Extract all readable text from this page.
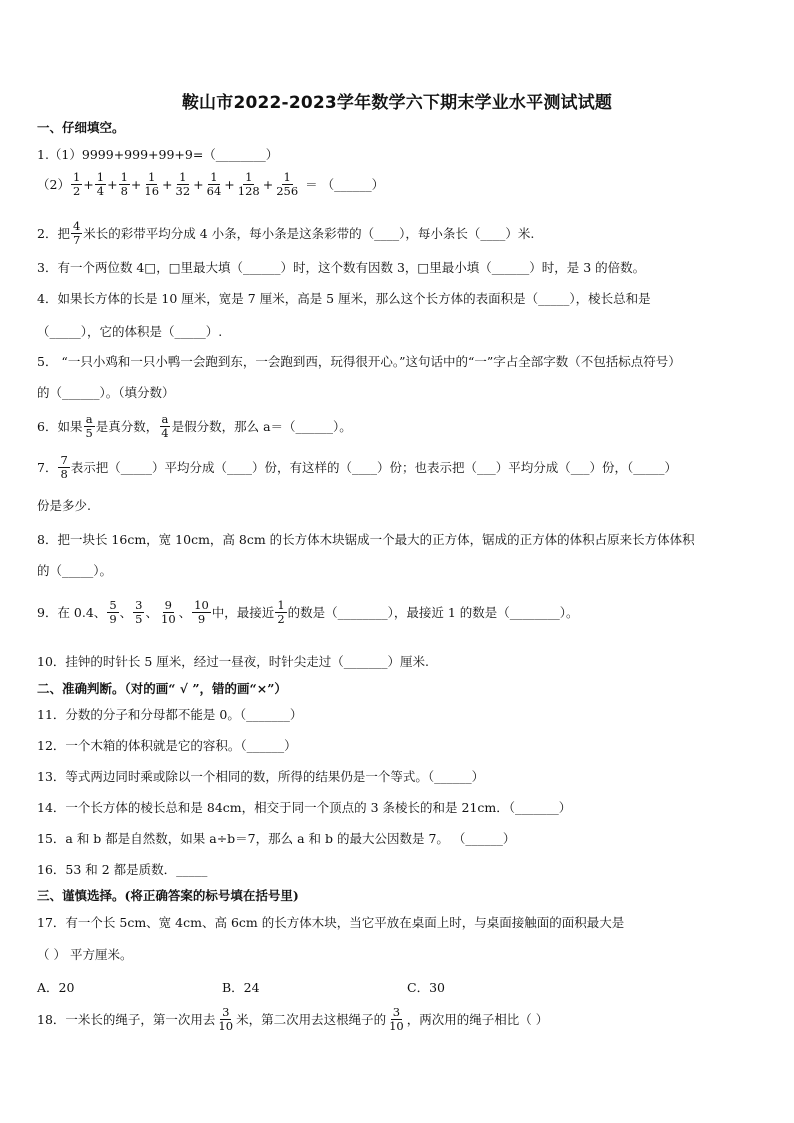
鞍山市2022-2023学年数学六下期末学业水平测试试题
一、仔细填空。
1.（1）9999+999+99+9=（________）
$(2) \frac{1}{2} + \frac{1}{4} + \frac{1}{8} + \frac{1}{16} + \frac{1}{32} + \frac{1}{64} + \frac{1}{128} + \frac{1}{256}$ ＝ （______）
2．把 $\frac{4}{7}$ 米长的彩带平均分成 4 小条，每小条是这条彩带的（____），每小条长（____）米.
3．有一个两位数 4□，□里最大填（______）时，这个数有因数 3，□里最小填（______）时，是 3 的倍数。
4．如果长方体的长是 10 厘米，宽是 7 厘米，高是 5 厘米，那么这个长方体的表面积是（_____），棱长总和是
（_____），它的体积是（_____）.
5． “一只小鸡和一只小鸭一会跑到东，一会跑到西，玩得很开心。”这句话中的“一”字占全部字数（不包括标点符号）
的（______）。（填分数）
6．如果 $\frac{a}{5}$ 是真分数， $\frac{a}{4}$ 是假分数，那么 a＝（______）。
7． $\frac{7}{8}$ 表示把（_____）平均分成（____）份，有这样的（____）份；也表示把（___）平均分成（___）份，（_____）
份是多少.
8．把一块长 16cm，宽 10cm，高 8cm 的长方体木块锯成一个最大的正方体，锯成的正方体的体积占原来长方体体积
的（_____）。
9．在 0.4、 $\frac{5}{9}$ 、 $\frac{3}{5}$ 、 $\frac{9}{10}$ 、 $\frac{10}{9}$ 中，最接近 $\frac{1}{2}$ 的数是（________），最接近 1 的数是（________）。
10．挂钟的时针长 5 厘米，经过一昼夜，时针尖走过（_______）厘米.
二、准确判断。（对的画“ √ ”，错的画“×”）
11．分数的分子和分母都不能是 0。（_______）
12．一个木箱的体积就是它的容积。（______）
13．等式两边同时乘或除以一个相同的数，所得的结果仍是一个等式。（______）
14．一个长方体的棱长总和是 84cm，相交于同一个顶点的 3 条棱长的和是 21cm．（_______）
15．a 和 b 都是自然数，如果 a÷b＝7，那么 a 和 b 的最大公因数是 7。 （______）
16．53 和 2 都是质数．_____
三、谨慎选择。(将正确答案的标号填在括号里)
17．有一个长 5cm、宽 4cm、高 6cm 的长方体木块，当它平放在桌面上时，与桌面接触面的面积最大是
（ ） 平方厘米。
A．20	B．24	C．30
18．一米长的绳子，第一次用去 $\frac{3}{10}$ 米，第二次用去这根绳子的 $\frac{3}{10}$ ，两次用的绳子相比（ ）
